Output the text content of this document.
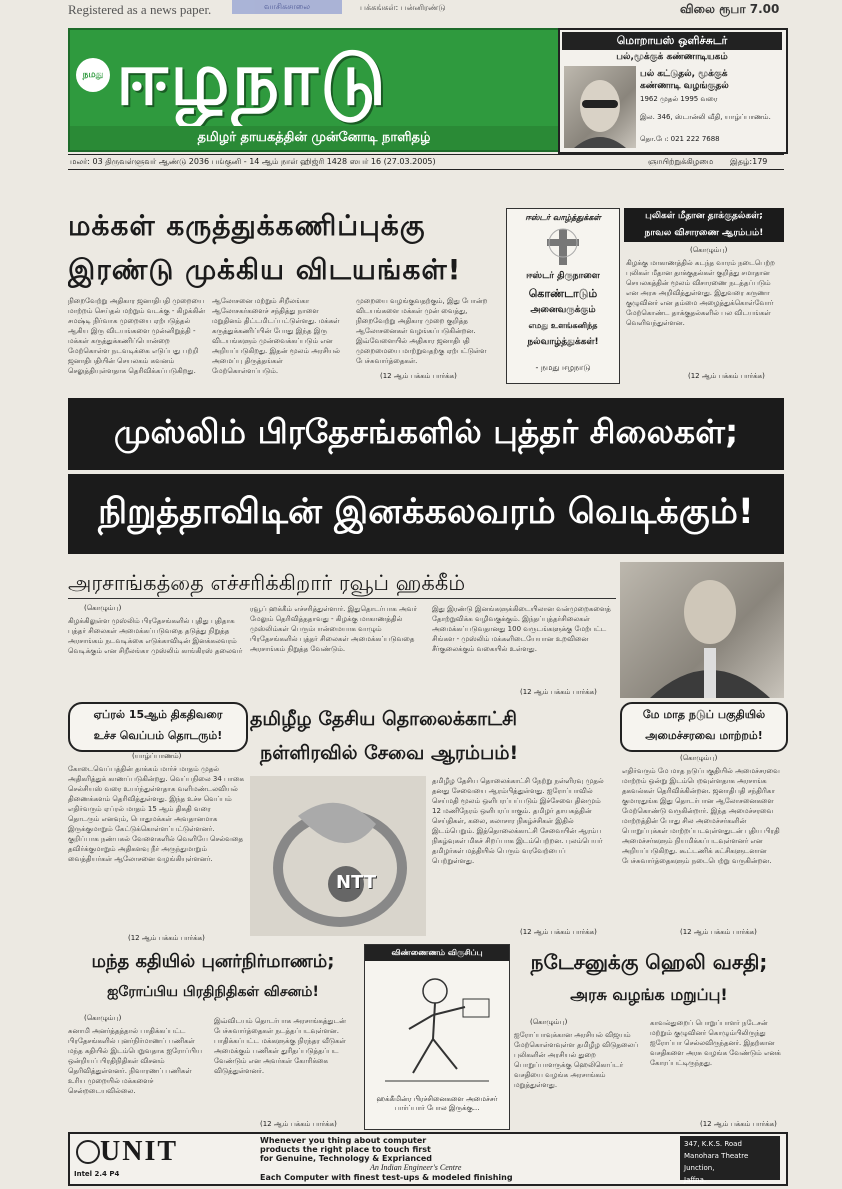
Registered as a news paper.	வாசிகசாலை	பக்கங்கள்: பன்னிரண்டு	விலை ரூபா 7.00
நமது ஈழநாடு
தமிழர் தாயகத்தின் முன்னோடி நாளிதழ்
மொறாயஸ் ஒளிச்சுடர்
பல்,மூக்குக் கண்ணாடியகம்
பல் கட்டுதல், மூக்குக்
கண்ணாடி வழங்குதல்
1962 முதல் 1995 வரை
இல. 346, ஸ்டான்லி வீதி, யாழ்ப்பாணம்.
தொ.பே: 021 222 7688
மலர்: 03 திருவள்ளுவர் ஆண்டு 2036 பங்குனி - 14 ஆம் நாள் ஹிஜ்ரி 1428 ஸபர் 16 (27.03.2005)	ஞாயிற்றுக்கிழமை இதழ்:179
மக்கள் கருத்துக்கணிப்புக்கு
இரண்டு முக்கிய விடயங்கள்!
நிறைவேற்று அதிகார ஜனாதிபதி முறையை மாற்றம் செய்தல் மற்றும் வடக்கு - கிழக்கின் சமஷ்டி நிர்வாக முறையை ஏற்படுத்தல் ஆகிய இரு விடயங்களை முன்னிறுத்தி - மக்கள் கருத்துக்கணிப்பொன்றை மேற்கொள்ள நடவடிக்கை எடுப்பது பற்றி ஜனாதிபதியின் செயலகம் கவனம் செலுத்தியுள்ளதாக தெரிவிக்கப்படுகிறது.
ஆலோசனை மற்றும் சிறீலங்கா ஆலோசகர்களைச் சந்தித்து நாளை மறுதினம் திட்டமிடப்பட்டுள்ளது. மக்கள் கருத்துக்கணிப்பின் போது இந்த இரு விடயங்களும் முன்வைக்கப்படும் என அறியப்படுகிறது. இதன் மூலம் அரசியல் அமைப்பு திருத்தங்கள் மேற்கொள்ளப்படும்.
முறையை வழங்குவதற்கும், இது போன்ற விடயங்களை மக்கள் முன் வைத்து, நிறைவேற்று அதிகார முறை குறித்த ஆலோசனைகள் வழங்கப்படுகின்றன. இவ்வேளையில் அதிகார ஜனாதிபதி முறைமையை மாற்றுவதற்கு ஏற்பட்டுள்ள பேச்சுவார்த்தைகள்.
(12 ஆம் பக்கம் பார்க்க)
ஈஸ்டர் வாழ்த்துக்கள்
ஈஸ்டர் திருநாளை
கொண்டாடும்
அனைவருக்கும்
எமது உளங்கனிந்த
நல்வாழ்த்துக்கள்!
- நமது ஈழநாடு
புலிகள் மீதான தாக்குதல்கள்;
நாவல விசாரணை ஆரம்பம்!
(கொழும்பு)
கிழக்கு மாகாணத்தில் கடந்த வாரம் நடைபெற்ற புலிகள் மீதான தாக்குதல்கள் குறித்து சமாதான செயலகத்தின் மூலம் விசாரணை நடத்தப்படும் என அரசு அறிவித்துள்ளது. இதுவரை கருணா குழுவினர் என தம்மை அழைத்துக்கொள்வோர் மேற்கொண்ட தாக்குதல்களில் பல விடயங்கள் வெளிவந்துள்ளன.
(12 ஆம் பக்கம் பார்க்க)
முஸ்லிம் பிரதேசங்களில் புத்தர் சிலைகள்;
நிறுத்தாவிடின் இனக்கலவரம் வெடிக்கும்!
அரசாங்கத்தை எச்சரிக்கிறார் ரவூப் ஹக்கீம்
(கொழும்பு)
கிழக்கிலுள்ள முஸ்லிம் பிரதேசங்களில் புதிது புதிதாக புத்தர் சிலைகள் அமைக்கப்படுவதை தடுத்து நிறுத்த அரசாங்கம் நடவடிக்கை எடுக்காவிடின் இனக்கலவரம் வெடிக்கும் என சிறீலங்கா முஸ்லிம் காங்கிரஸ் தலைவர்
ரவூப் ஹக்கீம் எச்சரித்துள்ளார். இதுதொடர்பாக அவர் மேலும் தெரிவித்ததாவது - கிழக்கு மாகாணத்தில் முஸ்லிம்கள் பெரும்பான்மையாக வாழும் பிரதேசங்களில் புத்தர் சிலைகள் அமைக்கப்படுவதை அரசாங்கம் நிறுத்த வேண்டும்.
இது இரண்டு இனங்களுக்கிடையிலான வன்முறைகளைத் தோற்றுவிக்க வழிவகுக்கும். இந்தப்புத்தர்சிலைகள் அமைக்கப்படுவதானது 100 வருடங்களுக்கு மேற்பட்ட சிங்கள - முஸ்லிம் மக்களிடையேயான உறவினை சீர்குலைக்கும் வகையில் உள்ளது.
(12 ஆம் பக்கம் பார்க்க)
ஏப்ரல் 15ஆம் திகதிவரை
உச்ச வெப்பம் தொடரும்!
(யாழ்ப்பாணம்)
கோடைவெப்பத்தின் தாக்கம் மார்ச் மாதம் முதல் அதிகரித்துக் காணப்படுகின்றது. வெப்பநிலை 34 பாகை செல்சியஸ் வரை உயர்ந்துள்ளதாக வளிமண்டலவியல் திணைக்களம் தெரிவித்துள்ளது. இந்த உச்ச வெப்பம் எதிர்வரும் ஏப்ரல் மாதம் 15 ஆம் திகதி வரை தொடரும் எனவும், பொதுமக்கள் அவதானமாக இருக்குமாறும் கேட்டுக்கொள்ளப்பட்டுள்ளனர். குறிப்பாக நண்பகல் வேளைகளில் வெளியே செல்வதை தவிர்க்குமாறும் அதிகளவு நீர் அருந்துமாறும் வைத்தியர்கள் ஆலோசனை வழங்கியுள்ளனர்.
(12 ஆம் பக்கம் பார்க்க)
தமிழீழ தேசிய தொலைக்காட்சி
நள்ளிரவில் சேவை ஆரம்பம்!
NTT
தமிழீழ தேசிய தொலைக்காட்சி நேற்று நள்ளிரவு முதல் தனது சேவையை ஆரம்பித்துள்ளது. ஐரோப்பாவில் செய்மதி மூலம் ஒளிபரப்பப்படும் இச்சேவை தினமும் 12 மணிநேரம் ஒளிபரப்பாகும். தமிழர் தாயகத்தின் செய்திகள், கலை, கலாசார நிகழ்ச்சிகள் இதில் இடம்பெறும். இத்தொலைக்காட்சி சேவையின் ஆரம்ப நிகழ்வுகள் மிகச் சிறப்பாக இடம்பெற்றன. புலம்பெயர் தமிழர்கள் மத்தியில் பெரும் வரவேற்பைப் பெற்றுள்ளது.
(12 ஆம் பக்கம் பார்க்க)
மே மாத நடுப் பகுதியில்
அமைச்சரவை மாற்றம்!
(கொழும்பு)
எதிர்வரும் மே மாத நடுப்பகுதியில் அமைச்சரவை மாற்றம் ஒன்று இடம்பெறவுள்ளதாக அரசாங்க தகவல்கள் தெரிவிக்கின்றன. ஜனாதிபதி சந்திரிகா குமாரதுங்க இது தொடர்பான ஆலோசனைகளை மேற்கொண்டு வருகின்றார். இந்த அமைச்சரவை மாற்றத்தின் போது சில அமைச்சர்களின் பொறுப்புக்கள் மாற்றப்படவுள்ளதுடன் புதிய பிரதி அமைச்சர்களும் நியமிக்கப்படவுள்ளனர் என அறியப்படுகிறது. கூட்டணிக் கட்சிகளுடனான பேச்சுவார்த்தைகளும் நடைபெற்று வருகின்றன.
(12 ஆம் பக்கம் பார்க்க)
மந்த கதியில் புனர்நிர்மாணம்;
ஐரோப்பிய பிரதிநிதிகள் விசனம்!
(கொழும்பு)
சுனாமி அனர்த்தத்தால் பாதிக்கப்பட்ட பிரதேசங்களில் புனர்நிர்மாணப் பணிகள் மந்த கதியில் இடம்பெறுவதாக ஐரோப்பிய ஒன்றியப் பிரதிநிதிகள் விசனம் தெரிவித்துள்ளனர். நிவாரணப் பணிகள் உரிய முறையில் மக்களைச் சென்றடையவில்லை.
இவ்விடயம் தொடர்பாக அரசாங்கத்துடன் பேச்சுவார்த்தைகள் நடத்தப்படவுள்ளன. பாதிக்கப்பட்ட மக்களுக்கு நிரந்தர வீடுகள் அமைக்கும் பணிகள் துரிதப்படுத்தப்பட வேண்டும் என அவர்கள் கோரிக்கை விடுத்துள்ளனர்.
(12 ஆம் பக்கம் பார்க்க)
விண்ணைணம் விருசிப்பு
ஹக்கீமின்ர பிரச்சினைகளை அமைச்சர் பார்ப்பார் போல இருக்கு...
நடேசனுக்கு ஹெலி வசதி;
அரசு வழங்க மறுப்பு!
(கொழும்பு)
ஐரோப்பாவுக்கான அரசியல் விஜயம் மேற்கொள்ளவுள்ள தமிழீழ விடுதலைப் புலிகளின் அரசியல் துறை பொறுப்பாளருக்கு ஹெலிகொப்டர் வசதியை வழங்க அரசாங்கம் மறுத்துள்ளது.
காவல்துறைப் பொறுப்பாளர் நடேசன் மற்றும் குழுவினர் கொழும்பிலிருந்து ஐரோப்பா செல்லவிருந்தனர். இதற்கான வசதிகளை அரசு வழங்க வேண்டும் எனக் கோரப்பட்டிருந்தது.
(12 ஆம் பக்கம் பார்க்க)
UNIT
Intel 2.4 P4
Whenever you thing about computer
products the right place to touch first
for Genuine, Technology & Exprianced
An Indian Engineer's Centre
Each Computer with finest test-ups & modeled finishing
347, K.K.S. Road
Manohara Theatre Junction,
Jaffna.
